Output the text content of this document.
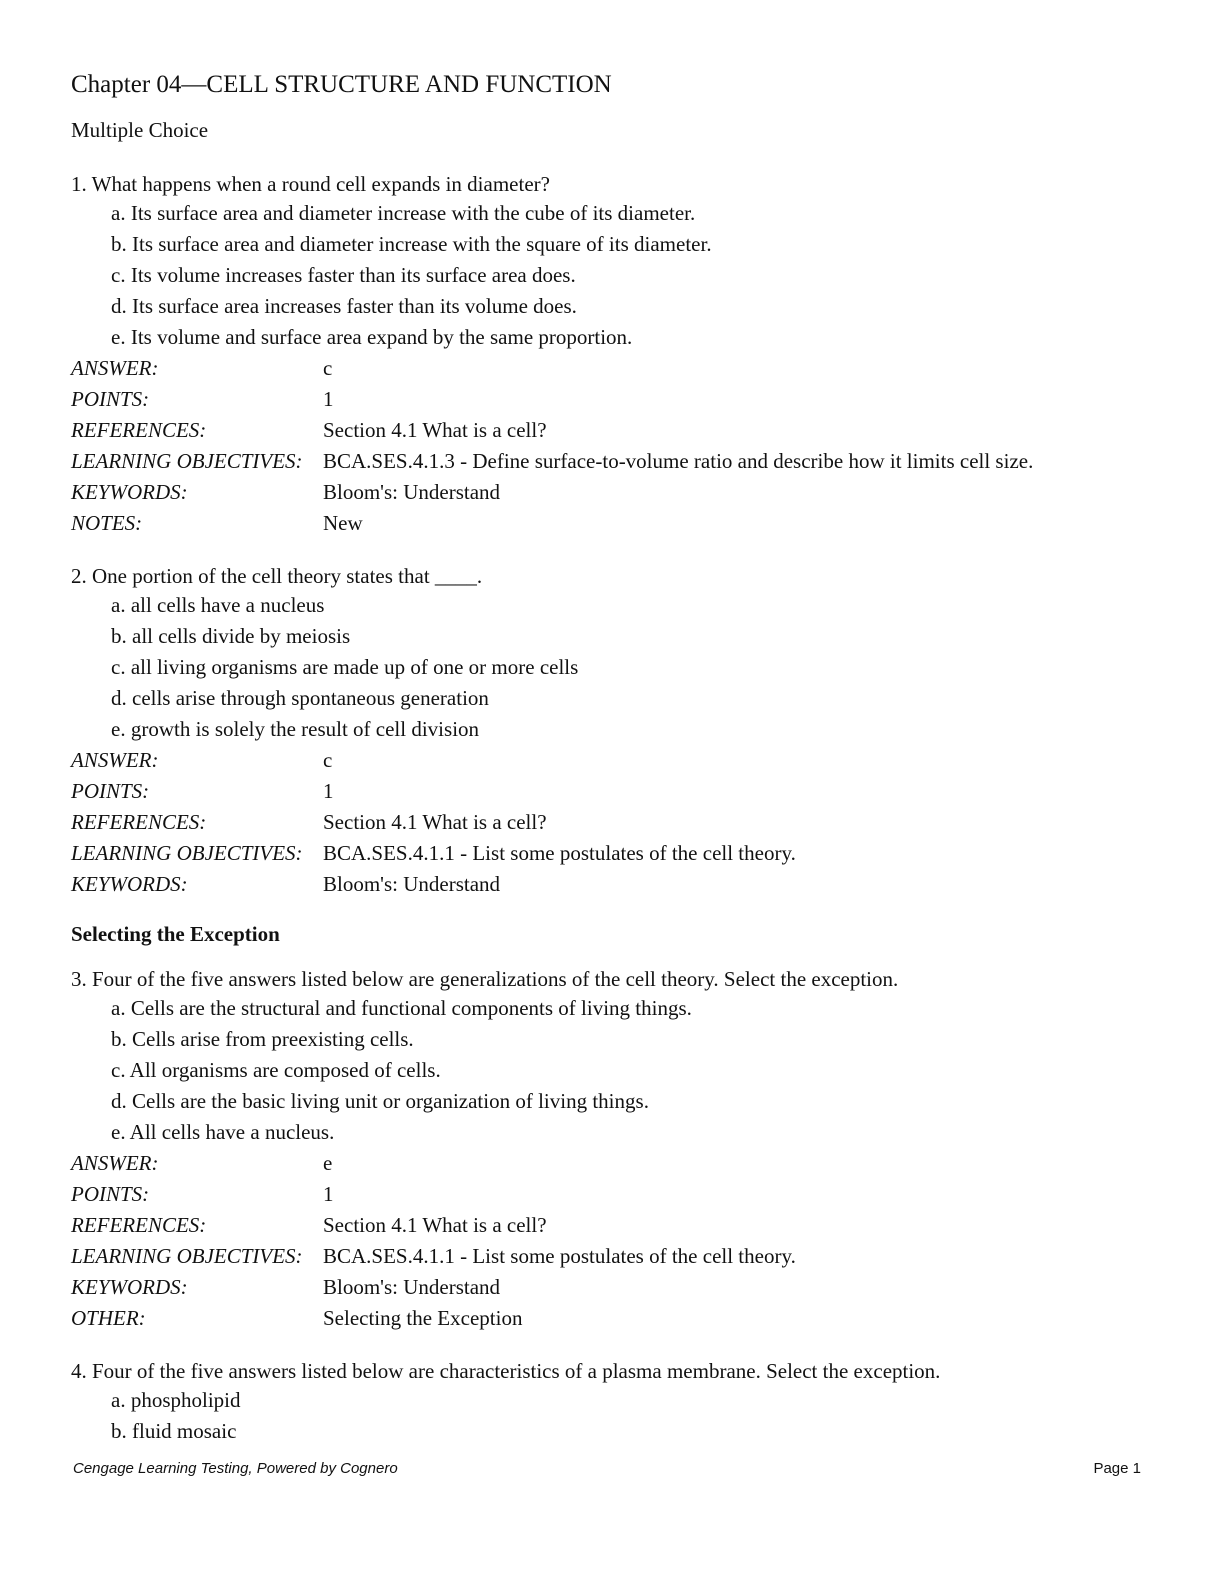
Chapter 04—CELL STRUCTURE AND FUNCTION
Multiple Choice
1. What happens when a round cell expands in diameter?
a. Its surface area and diameter increase with the cube of its diameter.
b. Its surface area and diameter increase with the square of its diameter.
c. Its volume increases faster than its surface area does.
d. Its surface area increases faster than its volume does.
e. Its volume and surface area expand by the same proportion.
ANSWER:	c
POINTS:	1
REFERENCES:	Section 4.1 What is a cell?
LEARNING OBJECTIVES: BCA.SES.4.1.3 - Define surface-to-volume ratio and describe how it limits cell size.
KEYWORDS:	Bloom's: Understand
NOTES:	New
2. One portion of the cell theory states that ____.
a. all cells have a nucleus
b. all cells divide by meiosis
c. all living organisms are made up of one or more cells
d. cells arise through spontaneous generation
e. growth is solely the result of cell division
ANSWER:	c
POINTS:	1
REFERENCES:	Section 4.1 What is a cell?
LEARNING OBJECTIVES: BCA.SES.4.1.1 - List some postulates of the cell theory.
KEYWORDS:	Bloom's: Understand
Selecting the Exception
3. Four of the five answers listed below are generalizations of the cell theory. Select the exception.
a. Cells are the structural and functional components of living things.
b. Cells arise from preexisting cells.
c. All organisms are composed of cells.
d. Cells are the basic living unit or organization of living things.
e. All cells have a nucleus.
ANSWER:	e
POINTS:	1
REFERENCES:	Section 4.1 What is a cell?
LEARNING OBJECTIVES: BCA.SES.4.1.1 - List some postulates of the cell theory.
KEYWORDS:	Bloom's: Understand
OTHER:	Selecting the Exception
4. Four of the five answers listed below are characteristics of a plasma membrane. Select the exception.
a. phospholipid
b. fluid mosaic
Cengage Learning Testing, Powered by Cognero	Page 1
